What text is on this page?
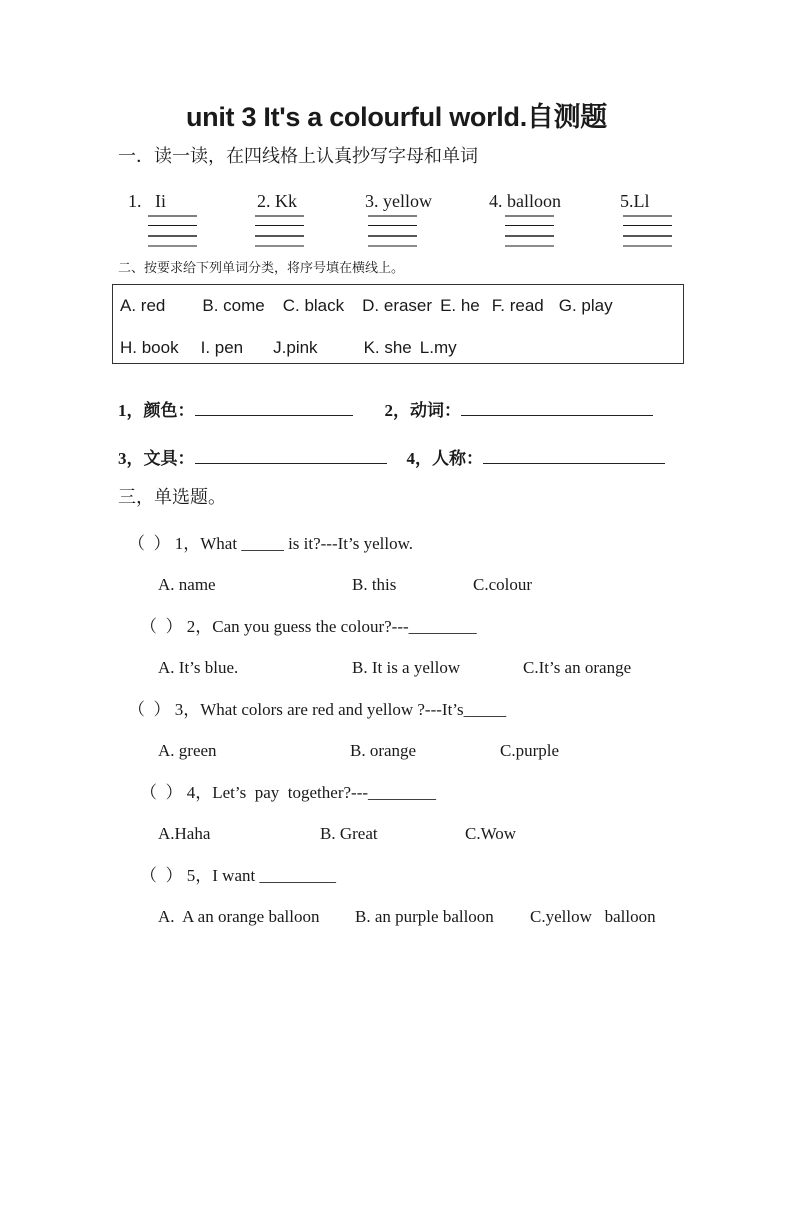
unit 3 It's a colourful world.自测题
一．读一读，在四线格上认真抄写字母和单词
1.   Ii	2. Kk	3. yellow	4. balloon	5.Ll
二、按要求给下列单词分类，将序号填在横线上。
A. red B. come C. black D. eraser E. he F. read G. play
H. book I. pen J.pink	K. she L.my
1，颜色：	2，动词：
3，文具：	4，人称：
三，单选题。
（  ） 1，What _____ is it?---It’s yellow.
A. name	B. this	C.colour
（  ） 2，Can you guess the colour?---________
A. It’s blue.	B. It is a yellow	C.It’s an orange
（  ） 3，What colors are red and yellow ?---It’s_____
A. green	B. orange	C.purple
（  ） 4，Let’s  pay  together?---________
A.Haha	B. Great	C.Wow
（  ） 5，I want _________
A.  A an orange balloon	B. an purple balloon	C.yellow   balloon
